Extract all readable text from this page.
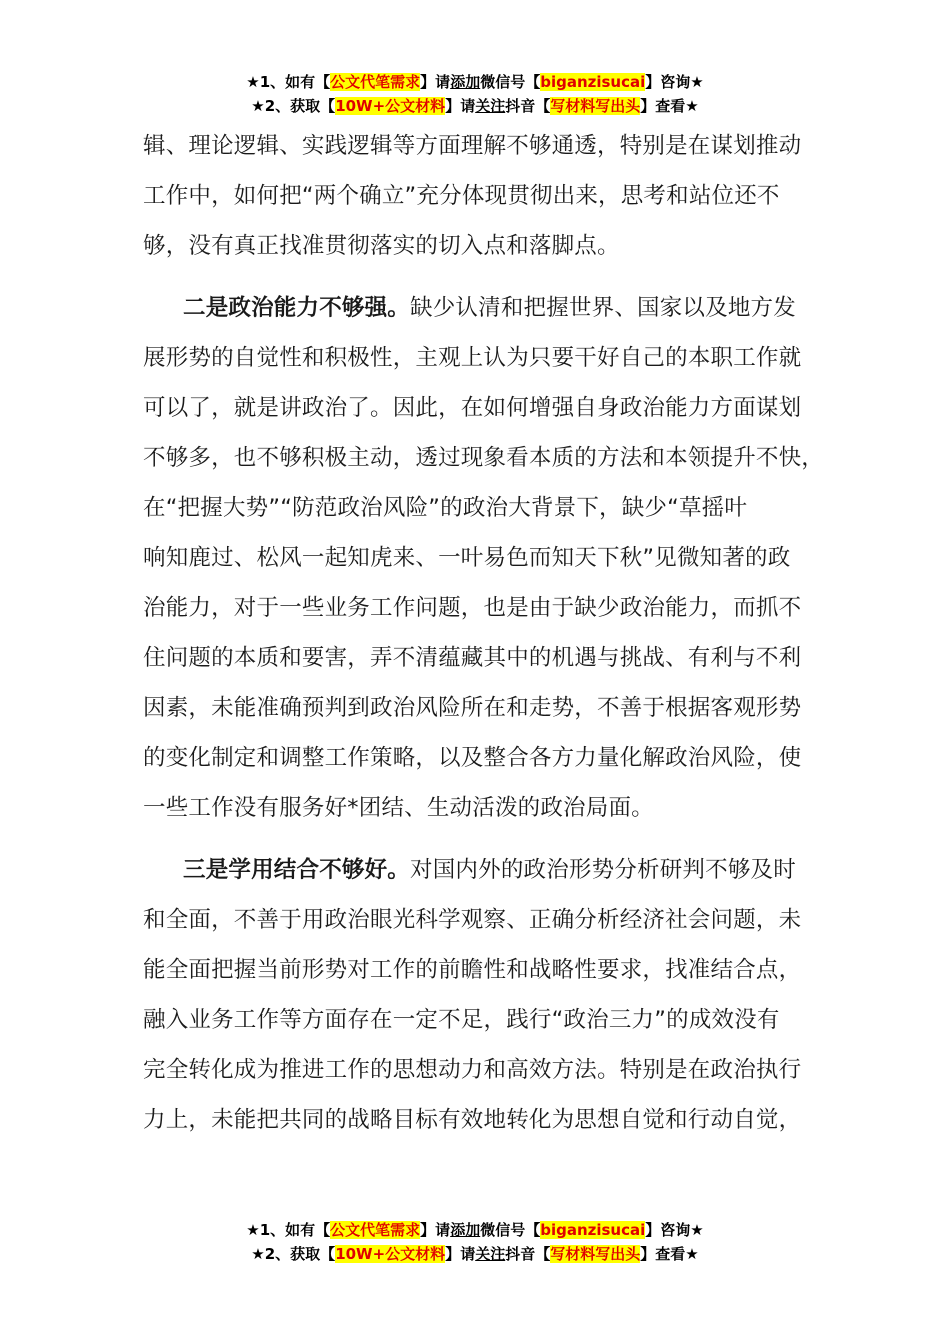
★1、如有【公文代笔需求】请添加微信号【biganzisucai】咨询★
★2、获取【10W+公文材料】请关注抖音【写材料写出头】查看★
辑、理论逻辑、实践逻辑等方面理解不够通透，特别是在谋划推动
工作中，如何把“两个确立”充分体现贯彻出来，思考和站位还不
够，没有真正找准贯彻落实的切入点和落脚点。
二是政治能力不够强。缺少认清和把握世界、国家以及地方发
展形势的自觉性和积极性，主观上认为只要干好自己的本职工作就
可以了，就是讲政治了。因此，在如何增强自身政治能力方面谋划
不够多，也不够积极主动，透过现象看本质的方法和本领提升不快，
在“把握大势”“防范政治风险”的政治大背景下，缺少“草摇叶
响知鹿过、松风一起知虎来、一叶易色而知天下秋”见微知著的政
治能力，对于一些业务工作问题，也是由于缺少政治能力，而抓不
住问题的本质和要害，弄不清蕴藏其中的机遇与挑战、有利与不利
因素，未能准确预判到政治风险所在和走势，不善于根据客观形势
的变化制定和调整工作策略，以及整合各方力量化解政治风险，使
一些工作没有服务好*团结、生动活泼的政治局面。
三是学用结合不够好。对国内外的政治形势分析研判不够及时
和全面，不善于用政治眼光科学观察、正确分析经济社会问题，未
能全面把握当前形势对工作的前瞻性和战略性要求，找准结合点，
融入业务工作等方面存在一定不足，践行“政治三力”的成效没有
完全转化成为推进工作的思想动力和高效方法。特别是在政治执行
力上，未能把共同的战略目标有效地转化为思想自觉和行动自觉，
★1、如有【公文代笔需求】请添加微信号【biganzisucai】咨询★
★2、获取【10W+公文材料】请关注抖音【写材料写出头】查看★
